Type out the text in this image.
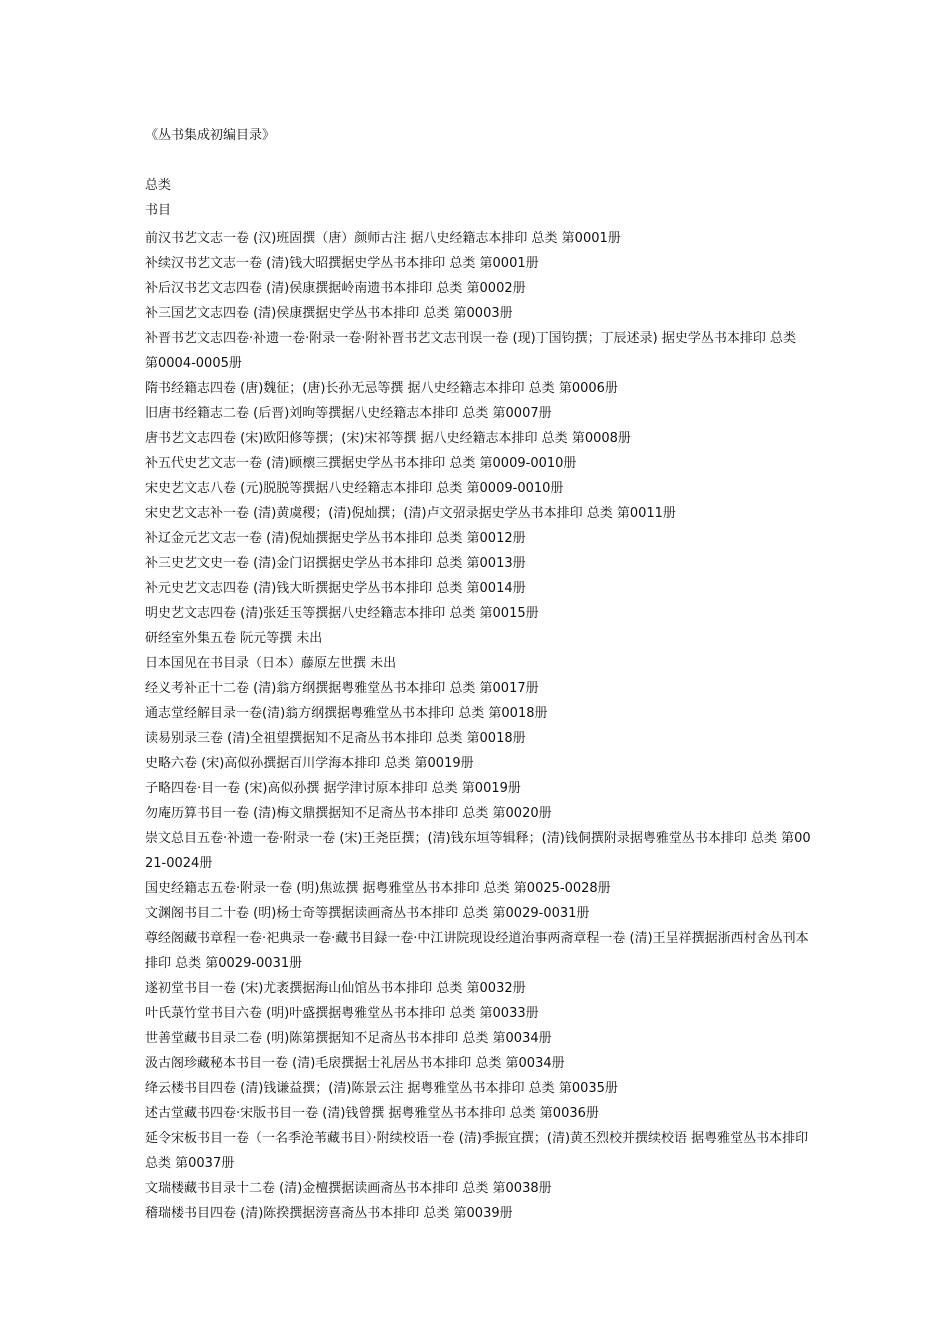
《丛书集成初编目录》
总类
书目
前汉书艺文志一卷 (汉)班固撰（唐）颜师古注 据八史经籍志本排印 总类 第0001册
补续汉书艺文志一卷 (清)钱大昭撰据史学丛书本排印 总类 第0001册
补后汉书艺文志四卷 (清)侯康撰据岭南遗书本排印 总类 第0002册
补三国艺文志四卷 (清)侯康撰据史学丛书本排印 总类 第0003册
补晋书艺文志四卷·补遗一卷·附录一卷·附补晋书艺文志刊误一卷 (现)丁国钧撰；丁辰述录) 据史学丛书本排印 总类 第0004-0005册
隋书经籍志四卷 (唐)魏征；(唐)长孙无忌等撰 据八史经籍志本排印 总类 第0006册
旧唐书经籍志二卷 (后晋)刘昫等撰据八史经籍志本排印 总类 第0007册
唐书艺文志四卷 (宋)欧阳修等撰；(宋)宋祁等撰 据八史经籍志本排印 总类 第0008册
补五代史艺文志一卷 (清)顾櫰三撰据史学丛书本排印 总类 第0009-0010册
宋史艺文志八卷 (元)脱脱等撰据八史经籍志本排印 总类 第0009-0010册
宋史艺文志补一卷 (清)黄虞稷；(清)倪灿撰；(清)卢文弨录据史学丛书本排印 总类 第0011册
补辽金元艺文志一卷 (清)倪灿撰据史学丛书本排印 总类 第0012册
补三史艺文史一卷 (清)金门诏撰据史学丛书本排印 总类 第0013册
补元史艺文志四卷 (清)钱大昕撰据史学丛书本排印 总类 第0014册
明史艺文志四卷 (清)张廷玉等撰据八史经籍志本排印 总类 第0015册
研经室外集五卷 阮元等撰 未出
日本国见在书目录（日本）藤原左世撰 未出
经义考补正十二卷 (清)翁方纲撰据粤雅堂丛书本排印 总类 第0017册
通志堂经解目录一卷(清)翁方纲撰据粤雅堂丛书本排印 总类 第0018册
读易别录三卷 (清)全祖望撰据知不足斋丛书本排印 总类 第0018册
史略六卷 (宋)高似孙撰据百川学海本排印 总类 第0019册
子略四卷·目一卷 (宋)高似孙撰 据学津讨原本排印 总类 第0019册
勿庵历算书目一卷 (清)梅文鼎撰据知不足斋丛书本排印 总类 第0020册
崇文总目五卷·补遗一卷·附录一卷 (宋)王尧臣撰；(清)钱东垣等辑释；(清)钱侗撰附录据粤雅堂丛书本排印 总类 第0021-0024册
国史经籍志五卷·附录一卷 (明)焦竑撰 据粤雅堂丛书本排印 总类 第0025-0028册
文渊阁书目二十卷 (明)杨士奇等撰据读画斋丛书本排印 总类 第0029-0031册
尊经阁藏书章程一卷·祀典录一卷·藏书目録一卷·中江讲院现设经道治事两斋章程一卷 (清)王呈祥撰据浙西村舍丛刊本排印 总类 第0029-0031册
遂初堂书目一卷 (宋)尤袤撰据海山仙馆丛书本排印 总类 第0032册
叶氏菉竹堂书目六卷 (明)叶盛撰据粤雅堂丛书本排印 总类 第0033册
世善堂藏书目录二卷 (明)陈第撰据知不足斋丛书本排印 总类 第0034册
汲古阁珍藏秘本书目一卷 (清)毛扆撰据士礼居丛书本排印 总类 第0034册
绛云楼书目四卷 (清)钱谦益撰；(清)陈景云注 据粤雅堂丛书本排印 总类 第0035册
述古堂藏书四卷·宋版书目一卷 (清)钱曾撰 据粤雅堂丛书本排印 总类 第0036册
延令宋板书目一卷（一名季沧苇藏书目）·附续校语一卷 (清)季振宜撰；(清)黄丕烈校并撰续校语 据粤雅堂丛书本排印 总类 第0037册
文瑞楼藏书目录十二卷 (清)金檀撰据读画斋丛书本排印 总类 第0038册
稽瑞楼书目四卷 (清)陈揆撰据滂喜斋丛书本排印 总类 第0039册
